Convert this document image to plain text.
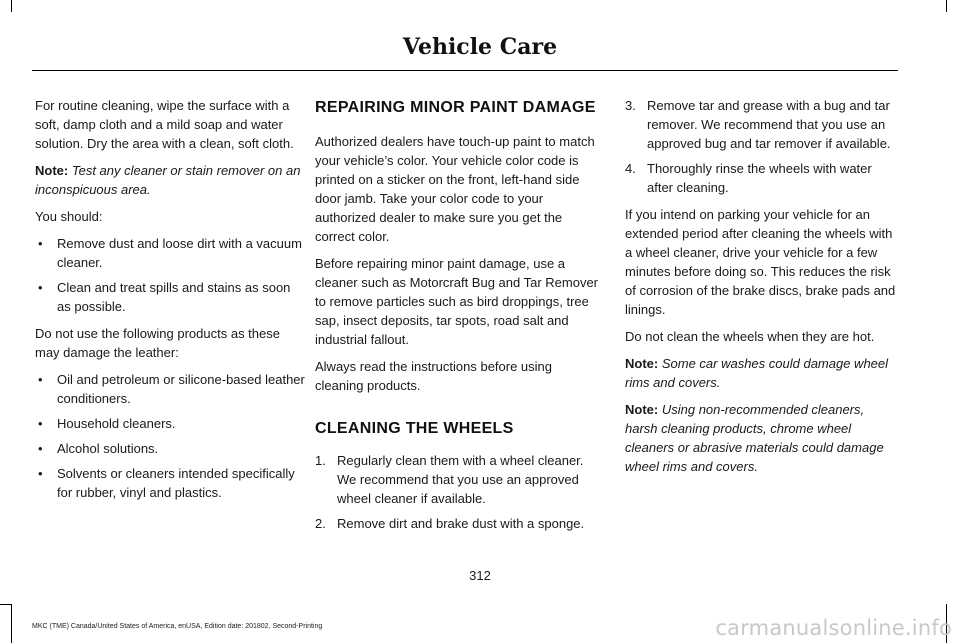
Vehicle Care

For routine cleaning, wipe the surface with a soft, damp cloth and a mild soap and water solution. Dry the area with a clean, soft cloth.

Note: Test any cleaner or stain remover on an inconspicuous area.

You should:

• Remove dust and loose dirt with a vacuum cleaner.
• Clean and treat spills and stains as soon as possible.

Do not use the following products as these may damage the leather:

• Oil and petroleum or silicone-based leather conditioners.
• Household cleaners.
• Alcohol solutions.
• Solvents or cleaners intended specifically for rubber, vinyl and plastics.
REPAIRING MINOR PAINT DAMAGE

Authorized dealers have touch-up paint to match your vehicle’s color. Your vehicle color code is printed on a sticker on the front, left-hand side door jamb. Take your color code to your authorized dealer to make sure you get the correct color.

Before repairing minor paint damage, use a cleaner such as Motorcraft Bug and Tar Remover to remove particles such as bird droppings, tree sap, insect deposits, tar spots, road salt and industrial fallout.

Always read the instructions before using cleaning products.

CLEANING THE WHEELS
1. Regularly clean them with a wheel cleaner. We recommend that you use an approved wheel cleaner if available.
2. Remove dirt and brake dust with a sponge.
3. Remove tar and grease with a bug and tar remover. We recommend that you use an approved bug and tar remover if available.
4. Thoroughly rinse the wheels with water after cleaning.

If you intend on parking your vehicle for an extended period after cleaning the wheels with a wheel cleaner, drive your vehicle for a few minutes before doing so. This reduces the risk of corrosion of the brake discs, brake pads and linings.

Do not clean the wheels when they are hot.

Note: Some car washes could damage wheel rims and covers.

Note: Using non-recommended cleaners, harsh cleaning products, chrome wheel cleaners or abrasive materials could damage wheel rims and covers.

312
MKC (TME) Canada/United States of America, enUSA, Edition date: 201802, Second-Printing	carmanualsonline.info
